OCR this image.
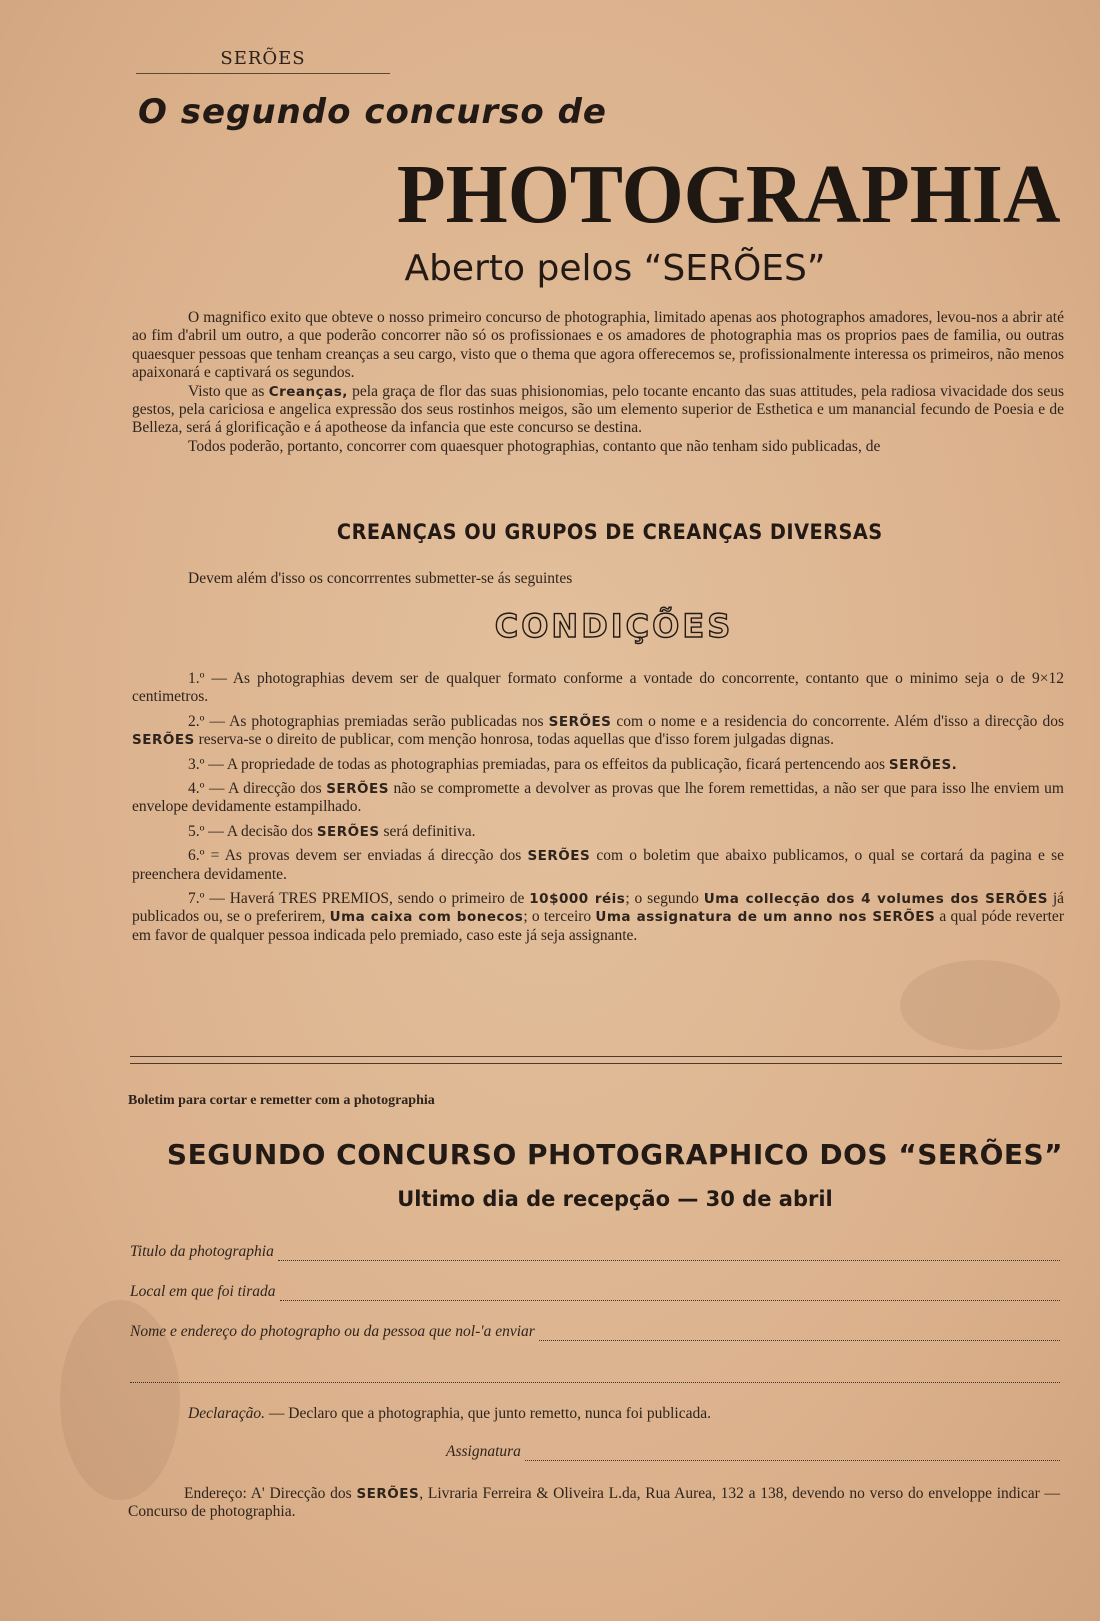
SERÕES
O segundo concurso de
PHOTOGRAPHIA
Aberto pelos “SERÕES”

O magnifico exito que obteve o nosso primeiro concurso de photographia, limitado apenas aos photographos amadores, levou-nos a abrir até ao fim d'abril um outro, a que poderão concorrer não só os profissionaes e os amadores de photographia mas os proprios paes de familia, ou outras quaesquer pessoas que tenham creanças a seu cargo, visto que o thema que agora offerecemos se, profissionalmente interessa os primeiros, não menos apaixonará e captivará os segundos.

Visto que as Creanças, pela graça de flor das suas phisionomias, pelo tocante encanto das suas attitudes, pela radiosa vivacidade dos seus gestos, pela cariciosa e angelica expressão dos seus rostinhos meigos, são um elemento superior de Esthetica e um manancial fecundo de Poesia e de Belleza, será á glorificação e á apotheose da infancia que este concurso se destina.

Todos poderão, portanto, concorrer com quaesquer photographias, contanto que não tenham sido publicadas, de

CREANÇAS OU GRUPOS DE CREANÇAS DIVERSAS
Devem além d'isso os concorrrentes submetter-se ás seguintes
CONDIÇÕES

1.º — As photographias devem ser de qualquer formato conforme a vontade do concorrente, contanto que o minimo seja o de 9×12 centimetros.

2.º — As photographias premiadas serão publicadas nos SERÕES com o nome e a residencia do concorrente. Além d'isso a direcção dos SERÕES reserva-se o direito de publicar, com menção honrosa, todas aquellas que d'isso forem julgadas dignas.

3.º — A propriedade de todas as photographias premiadas, para os effeitos da publicação, ficará pertencendo aos SERÕES.

4.º — A direcção dos SERÕES não se compromette a devolver as provas que lhe forem remettidas, a não ser que para isso lhe enviem um envelope devidamente estampilhado.

5.º — A decisão dos SERÕES será definitiva.

6.º = As provas devem ser enviadas á direcção dos SERÕES com o boletim que abaixo publicamos, o qual se cortará da pagina e se preenchera devidamente.

7.º — Haverá TRES PREMIOS, sendo o primeiro de 10$000 réis; o segundo Uma collecção dos 4 volumes dos SERÕES já publicados ou, se o preferirem, Uma caixa com bonecos; o terceiro Uma assignatura de um anno nos SERÕES a qual póde reverter em favor de qualquer pessoa indicada pelo premiado, caso este já seja assignante.

Boletim para cortar e remetter com a photographia
SEGUNDO CONCURSO PHOTOGRAPHICO DOS “SERÕES”
Ultimo dia de recepção — 30 de abril
Titulo da photographia
Local em que foi tirada
Nome e endereço do photographo ou da pessoa que nol-'a enviar
Declaração. — Declaro que a photographia, que junto remetto, nunca foi publicada.
Assignatura

Endereço: A' Direcção dos SERÕES, Livraria Ferreira & Oliveira L.da, Rua Aurea, 132 a 138, devendo no verso do enveloppe indicar — Concurso de photographia.
